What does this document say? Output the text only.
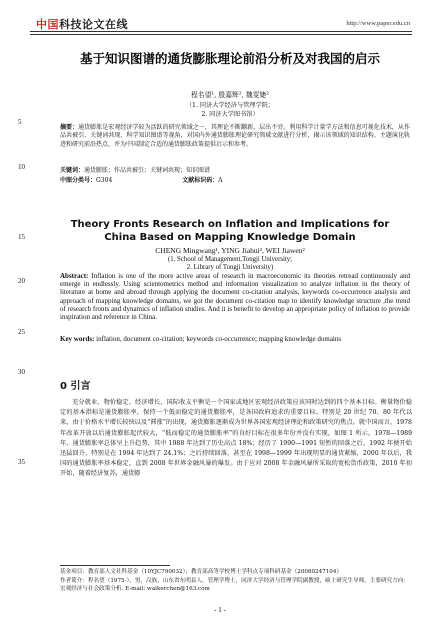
中国科技论文在线	http://www.paper.edu.cn
5
10
15
20
25
30
35
基于知识图谱的通货膨胀理论前沿分析及对我国的启示
程名望¹, 殷嘉辉², 魏雯婕²
（1. 同济大学经济与管理学院；
2. 同济大学图书馆）
摘要：通货膨胀是宏观经济学较为活跃的研究领域之一，其理论不断翻新，层出不穷。利用科学计量学方法和信息可视化技术，从作品共被引、关键词共现、科学知识图谱等视角，对国内外通货膨胀理论研究领域文献进行分析，揭示该领域的知识结构、主题演化轨迹和研究前沿热点，并为中国制定合适的通货膨胀政策提供启示和参考。
关键词：通货膨胀；作品共被引；关键词共现；知识图谱
中图分类号：G304	文献标识码：A
Theory Fronts Research on Inflation and Implications for China Based on Mapping Knowledge Domain
CHENG Mingwang¹, YING Jiahui², WEI Jiawen²
(1. School of Management,Tongji University;
2. Library of Tongji University)
Abstract: Inflation is one of the more active areas of research in macroeconomic its theories retread continuously and emerge in endlessly. Using scientometrics method and information visualization to analyze inflation in the theory of literature at home and abroad through applying the document co-citation analysis, keywords co-occurrence analysis and approach of mapping knowledge domains, we got the document co-citation map to identify knowledge structure ,the trend of research fronts and dynamics of inflation studies. And it is benefit to develop an appropriate policy of inflation to provide inspiration and reference in China.
Key words: inflation, document co-citation; keywords co-occurrence; mapping knowledge domains
0 引言
充分就业、物价稳定、经济增长、国际收支平衡是一个国家或地区宏观经济政策应该同时达到的四个基本目标。衡量物价稳定的基本指标是通货膨胀率，保持一个低而稳定的通货膨胀率，是各国政府追求的重要目标。特别是 20 世纪 70、80 年代以来，由于价格水平增长较快以及“滞涨”的出现，通货膨胀逐渐成为世界各国宏观经济理论和政策研究的焦点。就中国而言，1978 年改革开放以后通货膨胀起伏较大，“低而稳定的通货膨胀率”的良好目标在很多年份并没有实现，如图 1 所示，1978—1989 年，通货膨胀率总体呈上升趋势，其中 1988 年达到了历史高点 18%；经历了 1990—1991 短暂的回落之后，1992 年便开始迅猛回升，特别是在 1994 年达到了 24.1%；之后持续回落，甚至在 1998—1999 年出现明显的通货紧缩，2000 年以后，我国的通货膨胀率基本稳定，直到 2008 年世界金融风暴的爆发。由于应对 2008 年金融风暴所采取的宽松货币政策，2010 年初开始，随着经济复苏，通货膨
基金项目：教育部人文社科基金（10YJC790032）；教育部高等学校博士学科点专项科研基金（20080247104）
作者简介：程名望（1975-），男，汉族，山东省东明县人，管理学博士，同济大学经济与管理学院副教授，硕士研究生导师，主要研究方向：宏观经济与社会政策分析. E-mail: walkerchen@163.com
- 1 -
